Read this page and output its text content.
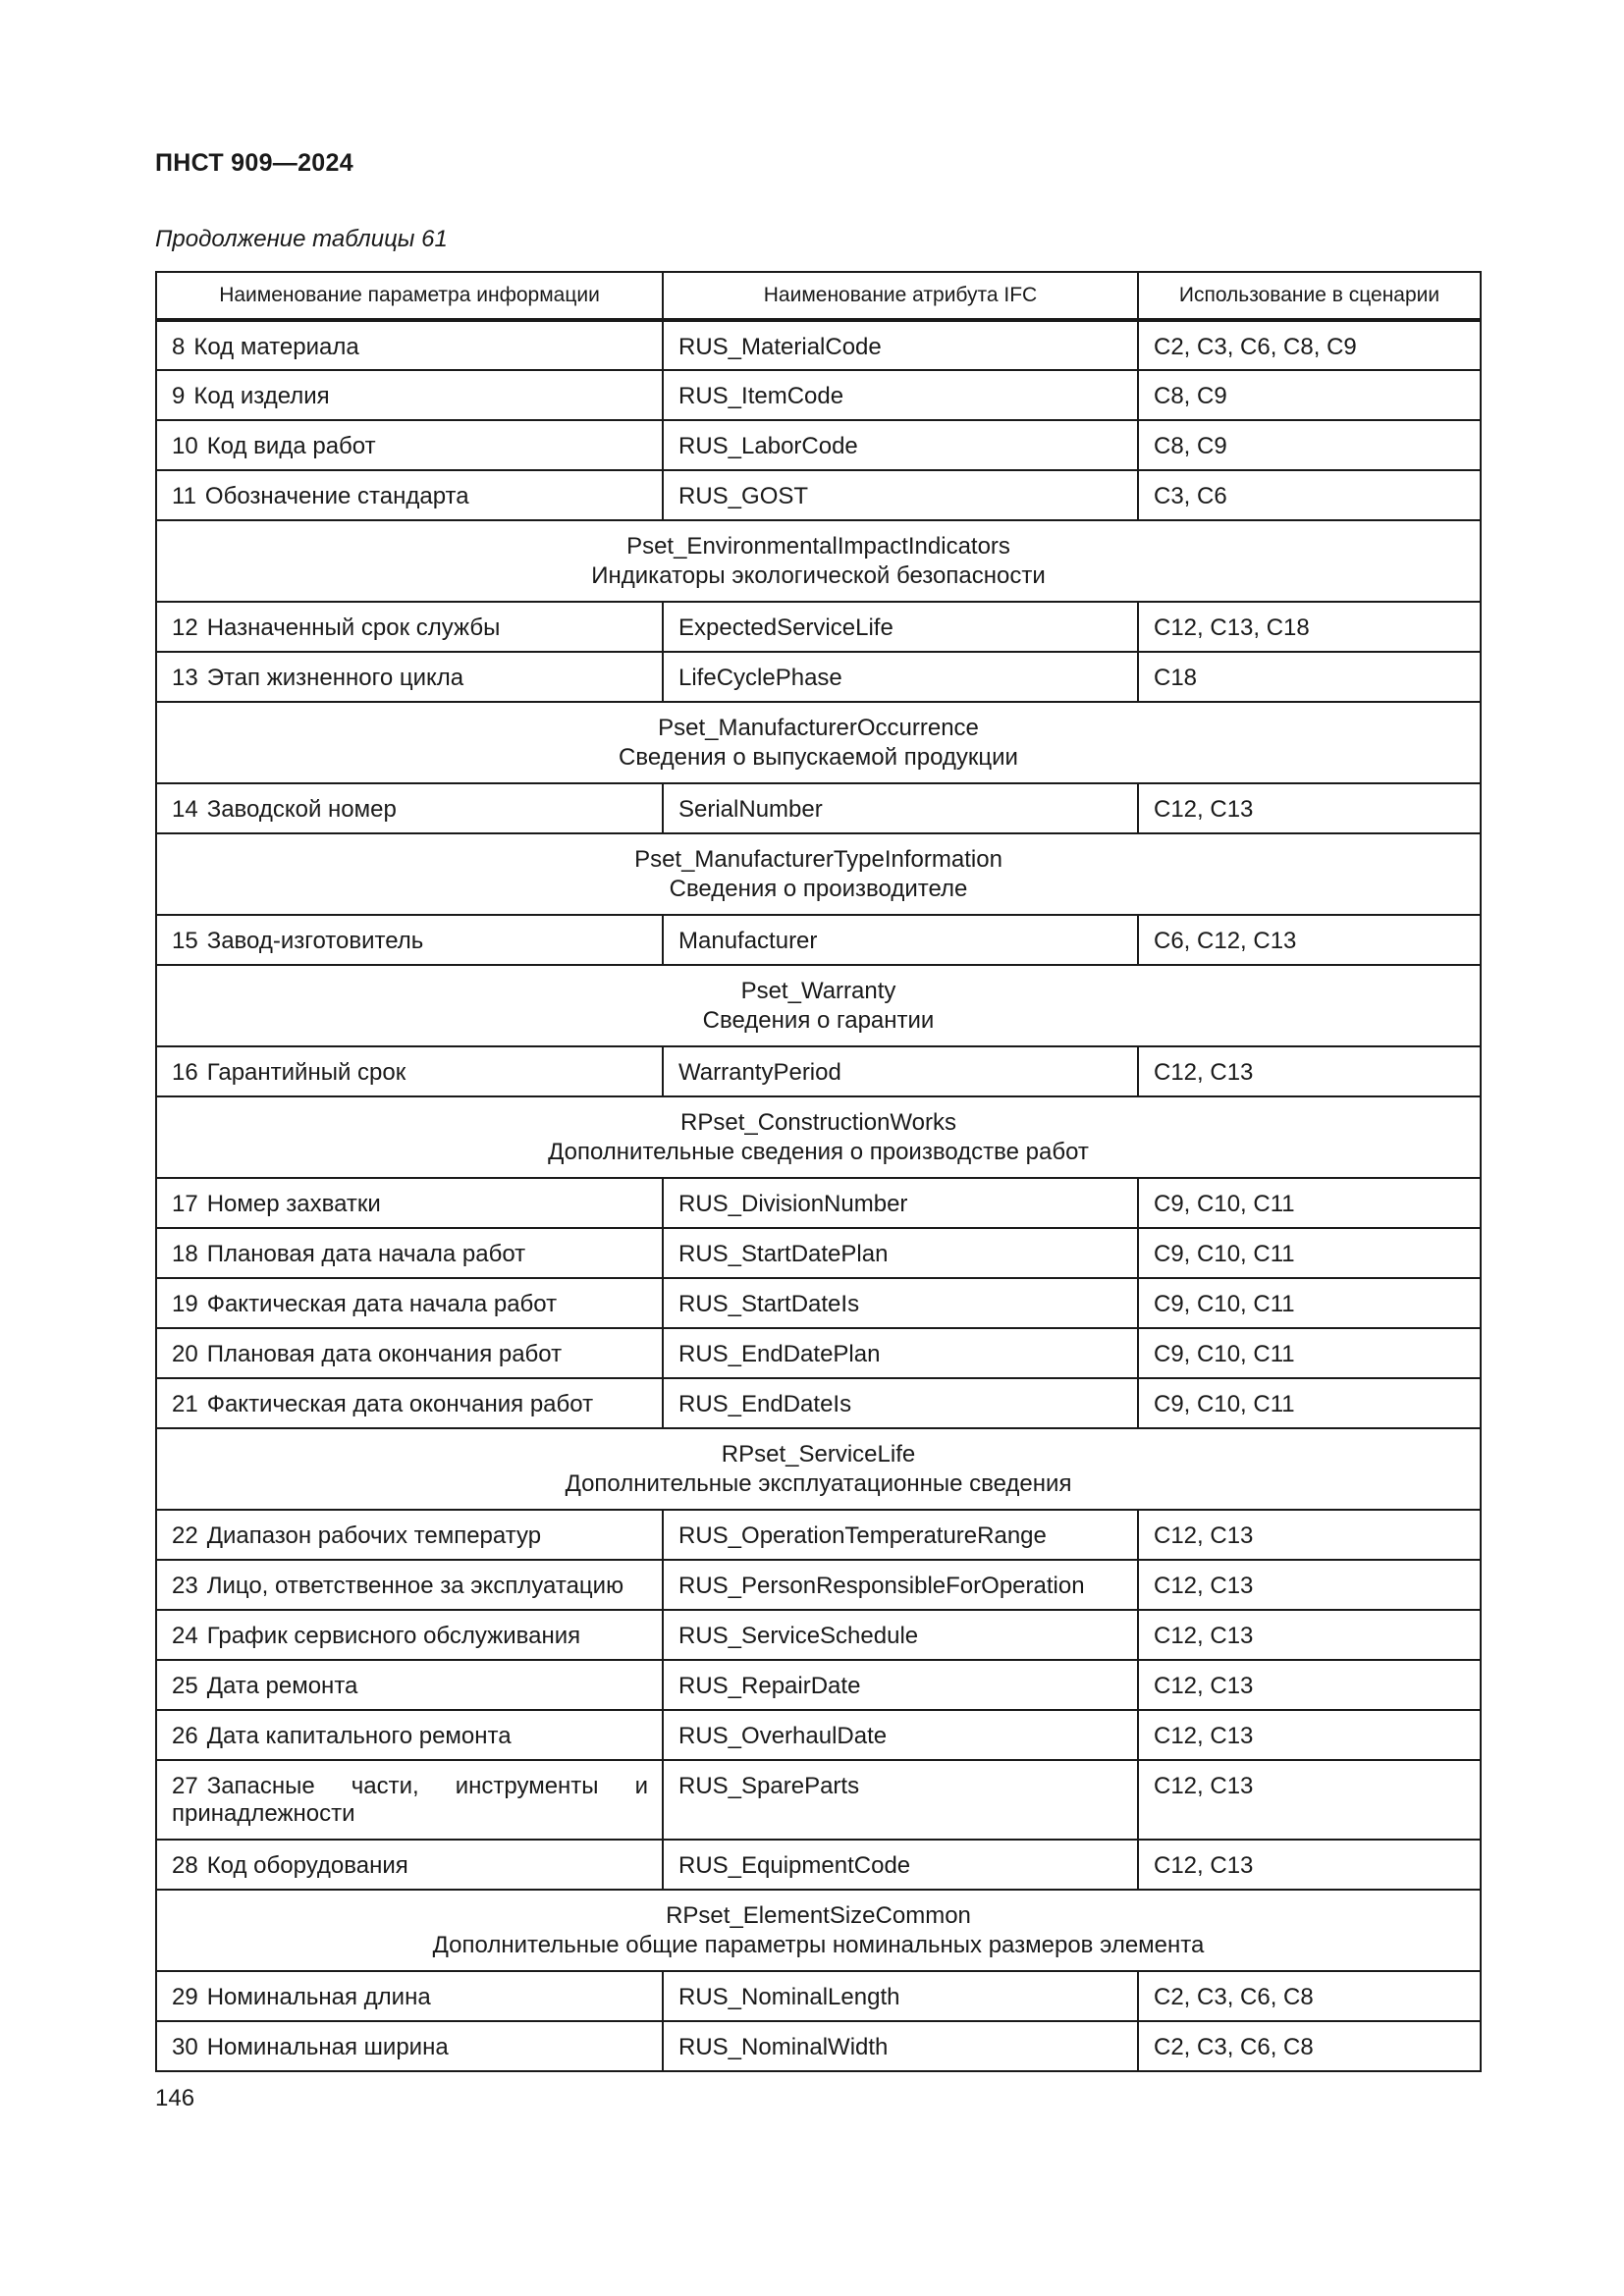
ПНСТ 909—2024
Продолжение таблицы 61
Наименование параметра информации	Наименование атрибута IFC	Использование в сценарии
8 Код материала	RUS_MaterialCode	C2, C3, C6, C8, C9
9 Код изделия	RUS_ItemCode	C8, C9
10 Код вида работ	RUS_LaborCode	C8, C9
11 Обозначение стандарта	RUS_GOST	C3, C6

Pset_EnvironmentalImpactIndicators
Индикаторы экологической безопасности		

12 Назначенный срок службы	ExpectedServiceLife	C12, C13, C18
13 Этап жизненного цикла	LifeCyclePhase	C18

Pset_ManufacturerOccurrence
Сведения о выпускаемой продукции		

14 Заводской номер	SerialNumber	C12, C13

Pset_ManufacturerTypeInformation
Сведения о производителе		

15 Завод-изготовитель	Manufacturer	C6, C12, C13

Pset_Warranty
Сведения о гарантии		

16 Гарантийный срок	WarrantyPeriod	C12, C13

RPset_ConstructionWorks
Дополнительные сведения о производстве работ		

17 Номер захватки	RUS_DivisionNumber	C9, C10, C11
18 Плановая дата начала работ	RUS_StartDatePlan	C9, C10, C11
19 Фактическая дата начала работ	RUS_StartDateIs	C9, C10, C11
20 Плановая дата окончания работ	RUS_EndDatePlan	C9, C10, C11
21 Фактическая дата окончания работ	RUS_EndDateIs	C9, C10, C11

RPset_ServiceLife
Дополнительные эксплуатационные сведения		

22 Диапазон рабочих температур	RUS_OperationTemperatureRange	C12, C13
23 Лицо, ответственное за эксплуатацию	RUS_PersonResponsibleForOperation	C12, C13
24 График сервисного обслуживания	RUS_ServiceSchedule	C12, C13
25 Дата ремонта	RUS_RepairDate	C12, C13
26 Дата капитального ремонта	RUS_OverhaulDate	C12, C13
27 Запасные части, инструменты и принадлежности	RUS_SpareParts	C12, C13
28 Код оборудования	RUS_EquipmentCode	C12, C13

RPset_ElementSizeCommon
Дополнительные общие параметры номинальных размеров элемента		

29 Номинальная длина	RUS_NominalLength	C2, C3, C6, C8
30 Номинальная ширина	RUS_NominalWidth	C2, C3, C6, C8
146
